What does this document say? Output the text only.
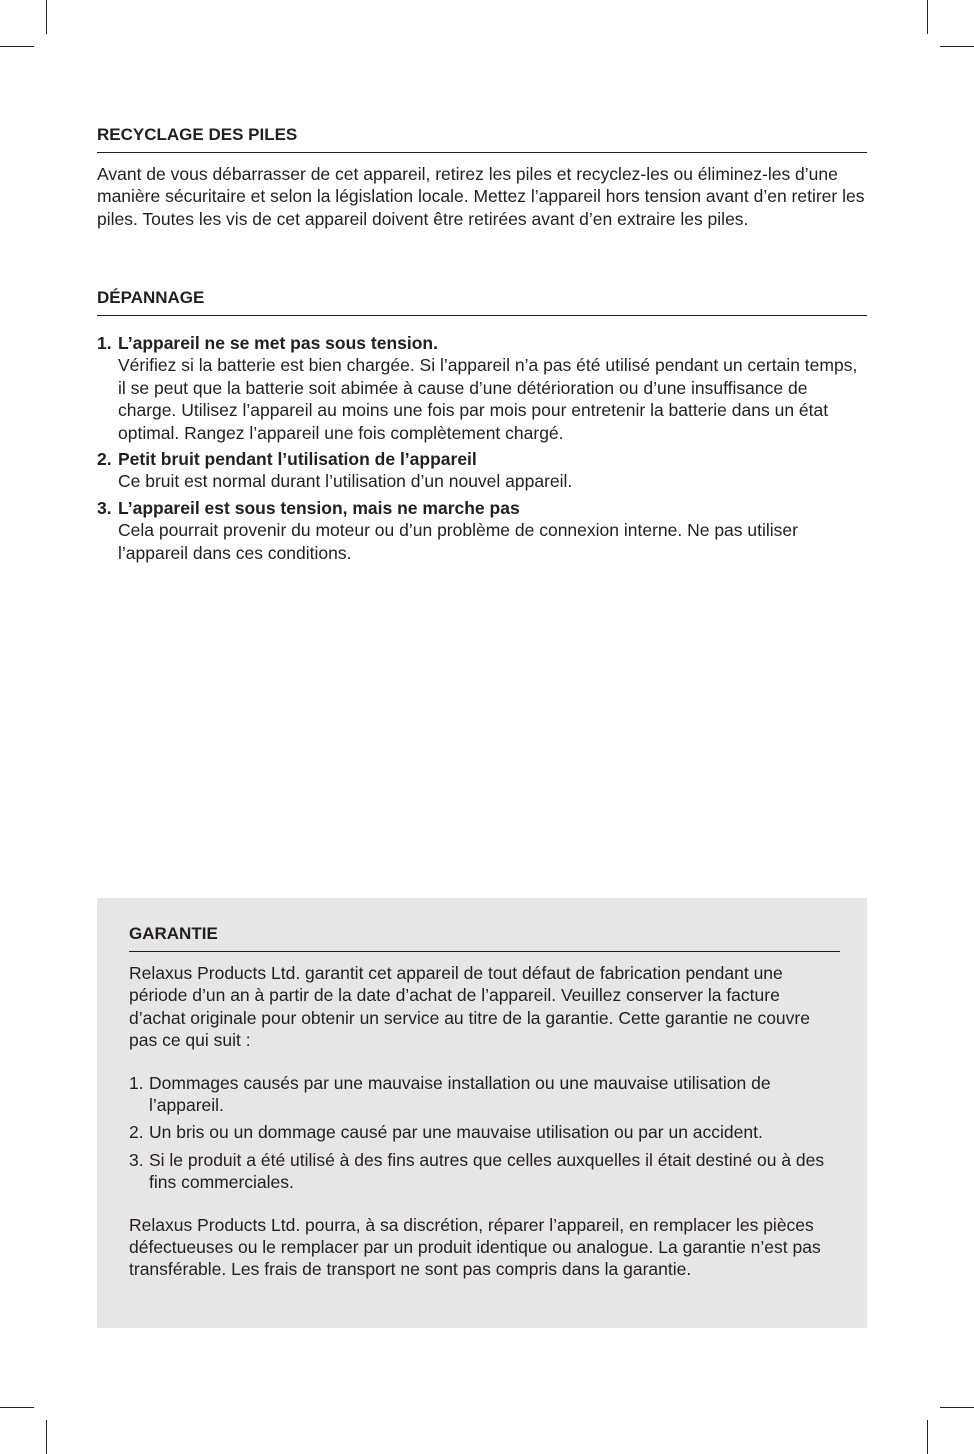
RECYCLAGE DES PILES

Avant de vous débarrasser de cet appareil, retirez les piles et recyclez-les ou éliminez-les d’une manière sécuritaire et selon la législation locale. Mettez l’appareil hors tension avant d’en retirer les piles. Toutes les vis de cet appareil doivent être retirées avant d’en extraire les piles.

DÉPANNAGE
1. L’appareil ne se met pas sous tension.
Vérifiez si la batterie est bien chargée. Si l’appareil n’a pas été utilisé pendant un certain temps, il se peut que la batterie soit abimée à cause d’une détérioration ou d’une insuffisance de charge. Utilisez l’appareil au moins une fois par mois pour entretenir la batterie dans un état optimal. Rangez l’appareil une fois complètement chargé.
2. Petit bruit pendant l’utilisation de l’appareil
Ce bruit est normal durant l’utilisation d’un nouvel appareil.
3. L’appareil est sous tension, mais ne marche pas
Cela pourrait provenir du moteur ou d’un problème de connexion interne. Ne pas utiliser l’appareil dans ces conditions.
GARANTIE

Relaxus Products Ltd. garantit cet appareil de tout défaut de fabrication pendant une période d’un an à partir de la date d’achat de l’appareil. Veuillez conserver la facture d’achat originale pour obtenir un service au titre de la garantie. Cette garantie ne couvre pas ce qui suit :

1. Dommages causés par une mauvaise installation ou une mauvaise utilisation de l’appareil.
2. Un bris ou un dommage causé par une mauvaise utilisation ou par un accident.
3. Si le produit a été utilisé à des fins autres que celles auxquelles il était destiné ou à des fins commerciales.

Relaxus Products Ltd. pourra, à sa discrétion, réparer l’appareil, en remplacer les pièces défectueuses ou le remplacer par un produit identique ou analogue. La garantie n’est pas transférable. Les frais de transport ne sont pas compris dans la garantie.
